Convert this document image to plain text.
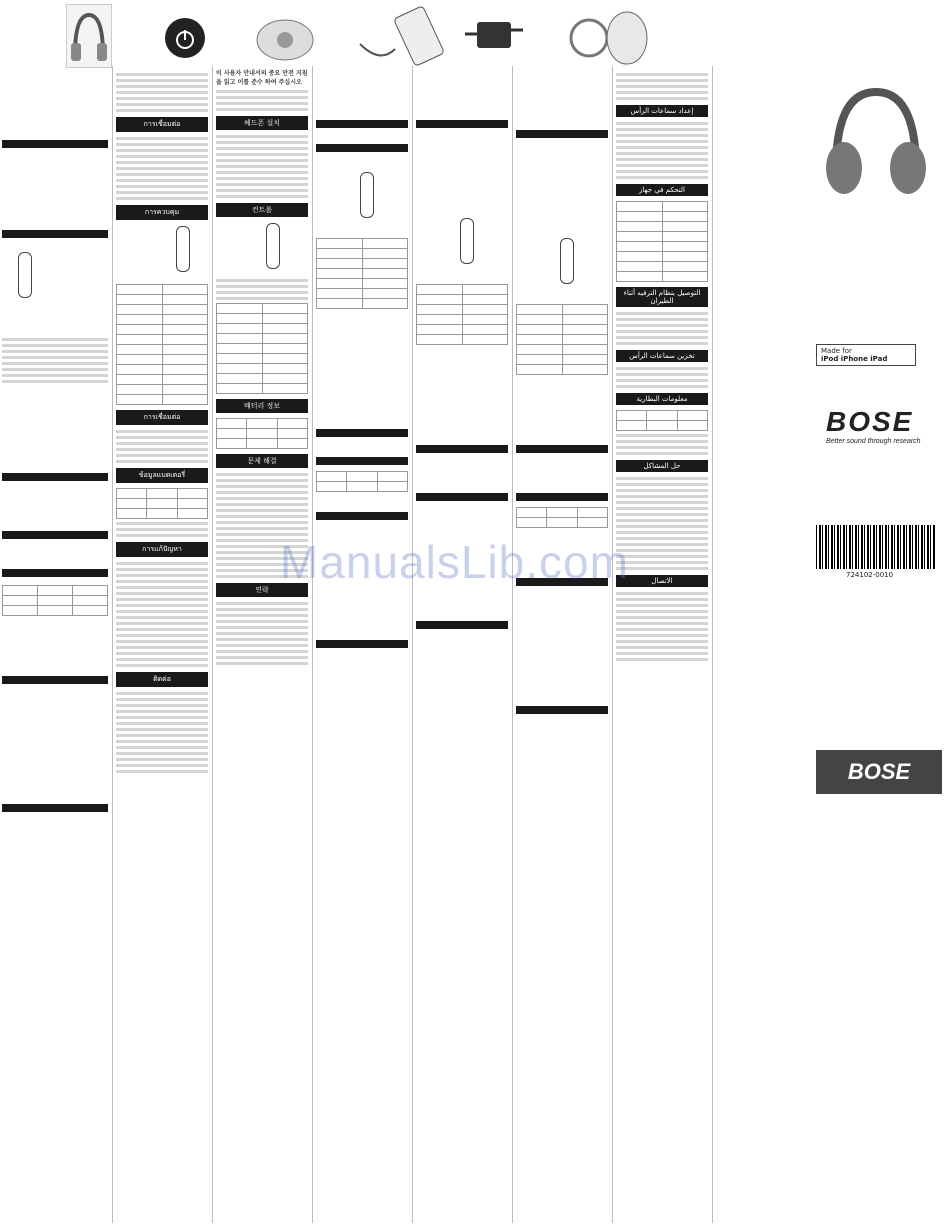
การเชื่อมต่อ
การควบคุม

การเชื่อมต่อ
ข้อมูลแบตเตอรี่

การแก้ปัญหา
ติดต่อ
이 사용자 안내서의 중요 안전 지침을 읽고 이를 준수 하여 주십시오
헤드폰 설치
컨트롤

배터리 정보

문제 해결
연락

إعداد سماعات الرأس
التحكم في جهاز

التوصيل بنظام الترفيه أثناء الطيران
تخزين سماعات الرأس
معلومات البطارية

حل المشاكل
الاتصال
Made for
iPod iPhone iPad
BOSE
Better sound through research
724102-0010
BOSE
ManualsLib.com
